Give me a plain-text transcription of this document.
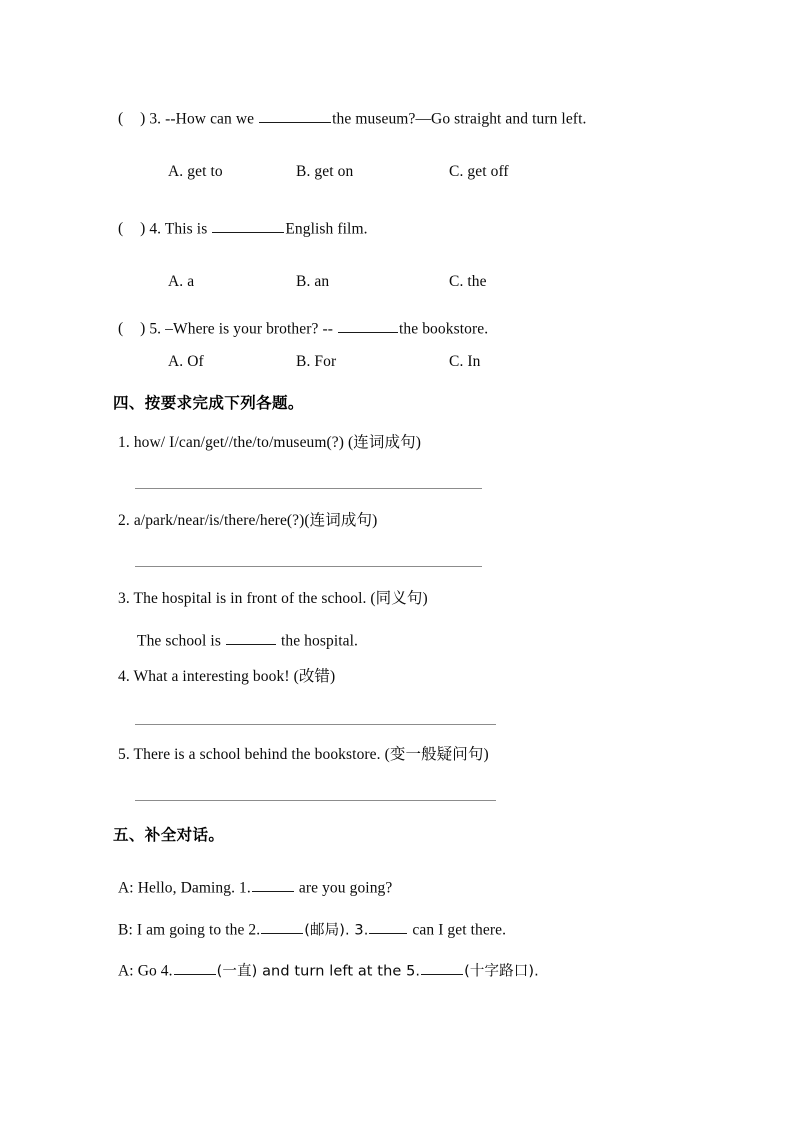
( ) 3. --How can we	the museum?—Go straight and turn left.
A. get to	B. get on	C. get off
( ) 4. This is	English film.
A. a	B. an	C. the
( ) 5. –Where is your brother? --	the bookstore.
A. Of	B. For	C. In
四、按要求完成下列各题。
1. how/ I/can/get//the/to/museum(?) (连词成句)
2. a/park/near/is/there/here(?)(连词成句)
3. The hospital is in front of the school. (同义句)
The school is	the hospital.
4. What a interesting book! (改错)
5. There is a school behind the bookstore. (变一般疑问句)
五、补全对话。
A: Hello, Daming. 1.	are you going?
B: I am going to the 2.	(邮局). 3.	can I get there.
A: Go 4.	(一直) and turn left at the 5.	(十字路口).
